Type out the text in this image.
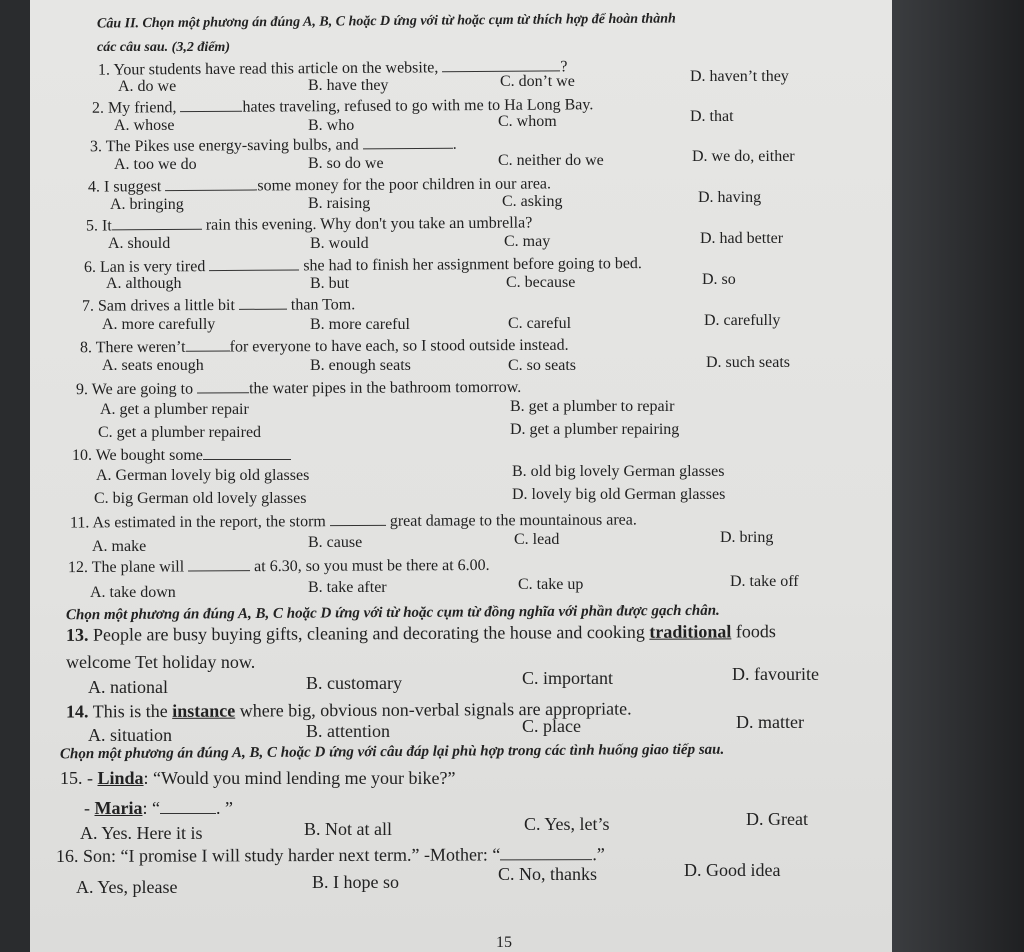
Câu II. Chọn một phương án đúng A, B, C hoặc D ứng với từ hoặc cụm từ thích hợp để hoàn thành
các câu sau. (3,2 điểm)
1. Your students have read this article on the website,	?
A. do we	B. have they	C. don’t we	D. haven’t they
2. My friend,	hates traveling, refused to go with me to Ha Long Bay.
A. whose	B. who	C. whom	D. that
3. The Pikes use energy-saving bulbs, and	.
A. too we do	B. so do we	C. neither do we	D. we do, either
4. I suggest	some money for the poor children in our area.
A. bringing	B. raising	C. asking	D. having
5. It	rain this evening. Why don't you take an umbrella?
A. should	B. would	C. may	D. had better
6. Lan is very tired	she had to finish her assignment before going to bed.
A. although	B. but	C. because	D. so
7. Sam drives a little bit	than Tom.
A. more carefully	B. more careful	C. careful	D. carefully
8. There weren’t	for everyone to have each, so I stood outside instead.
A. seats enough	B. enough seats	C. so seats	D. such seats
9. We are going to	the water pipes in the bathroom tomorrow.
A. get a plumber repair	B. get a plumber to repair
C. get a plumber repaired	D. get a plumber repairing
10. We bought some
A. German lovely big old glasses	B. old big lovely German glasses
C. big German old lovely glasses	D. lovely big old German glasses
11. As estimated in the report, the storm	great damage to the mountainous area.
A. make	B. cause	C. lead	D. bring
12. The plane will	at 6.30, so you must be there at 6.00.
A. take down	B. take after	C. take up	D. take off
Chọn một phương án đúng A, B, C hoặc D ứng với từ hoặc cụm từ đồng nghĩa với phần được gạch chân.
13. People are busy buying gifts, cleaning and decorating the house and cooking traditional foods
welcome Tet holiday now.
A. national	B. customary	C. important	D. favourite
14. This is the instance where big, obvious non-verbal signals are appropriate.
A. situation	B. attention	C. place	D. matter
Chọn một phương án đúng A, B, C hoặc D ứng với câu đáp lại phù hợp trong các tình huống giao tiếp sau.
15. - Linda: “Would you mind lending me your bike?”
- Maria: “	. ”
A. Yes. Here it is	B. Not at all	C. Yes, let’s	D. Great
16. Son: “I promise I will study harder next term.” -Mother: “	.”
A. Yes, please	B. I hope so	C. No, thanks	D. Good idea
15
